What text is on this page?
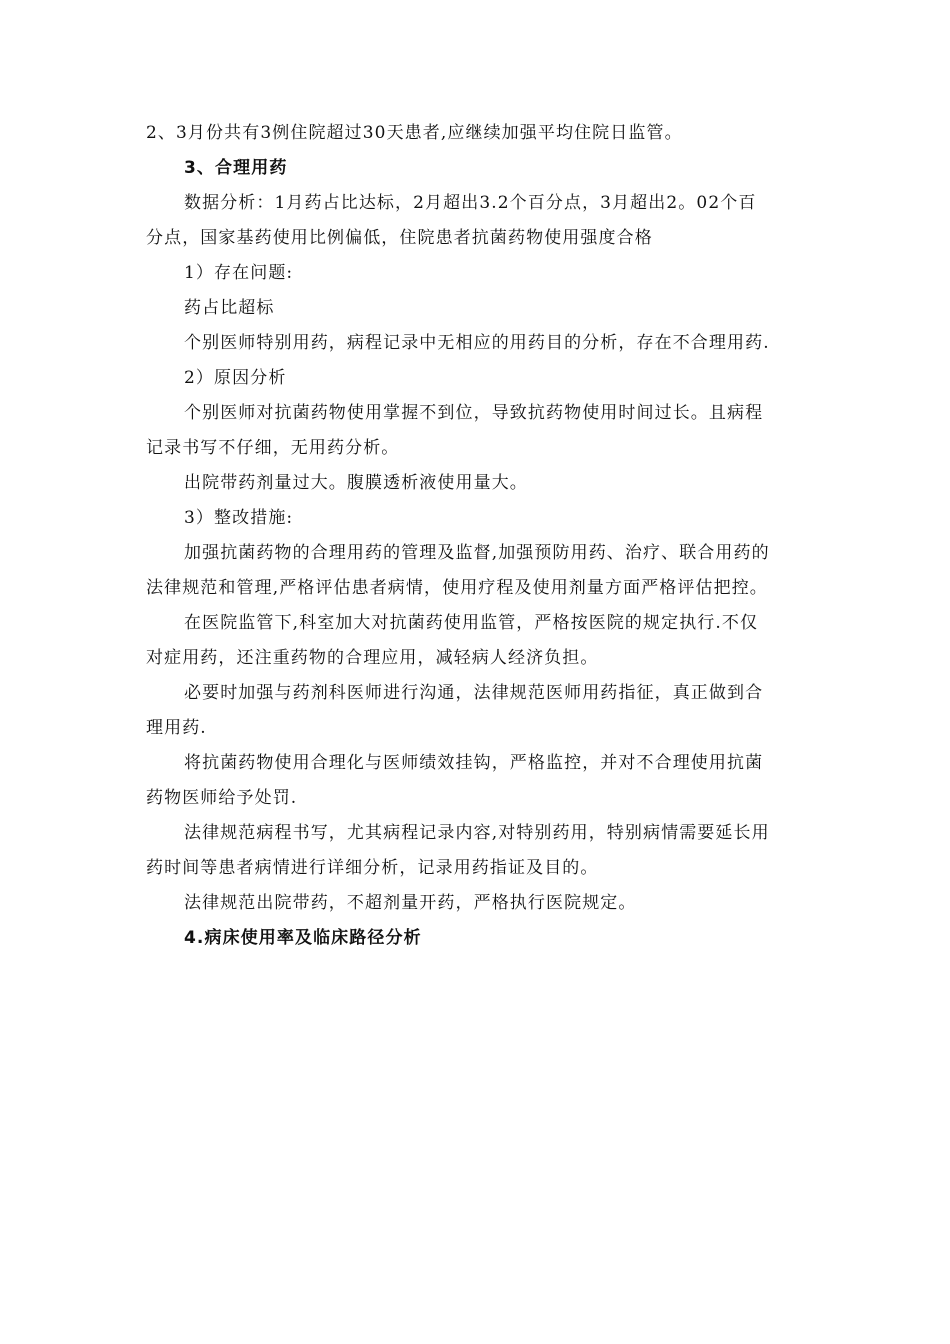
2、3月份共有3例住院超过30天患者,应继续加强平均住院日监管。

3、合理用药

数据分析：1月药占比达标，2月超出3.2个百分点，3月超出2。02个百

分点，国家基药使用比例偏低，住院患者抗菌药物使用强度合格

1）存在问题:

药占比超标

个别医师特别用药，病程记录中无相应的用药目的分析，存在不合理用药.

2）原因分析

个别医师对抗菌药物使用掌握不到位，导致抗药物使用时间过长。且病程

记录书写不仔细，无用药分析。

出院带药剂量过大。腹膜透析液使用量大。

3）整改措施:

加强抗菌药物的合理用药的管理及监督,加强预防用药、治疗、联合用药的

法律规范和管理,严格评估患者病情，使用疗程及使用剂量方面严格评估把控。

在医院监管下,科室加大对抗菌药使用监管，严格按医院的规定执行.不仅

对症用药，还注重药物的合理应用，减轻病人经济负担。

必要时加强与药剂科医师进行沟通，法律规范医师用药指征，真正做到合

理用药.

将抗菌药物使用合理化与医师绩效挂钩，严格监控，并对不合理使用抗菌

药物医师给予处罚.

法律规范病程书写，尤其病程记录内容,对特别药用，特别病情需要延长用

药时间等患者病情进行详细分析，记录用药指证及目的。

法律规范出院带药，不超剂量开药，严格执行医院规定。

4.病床使用率及临床路径分析
